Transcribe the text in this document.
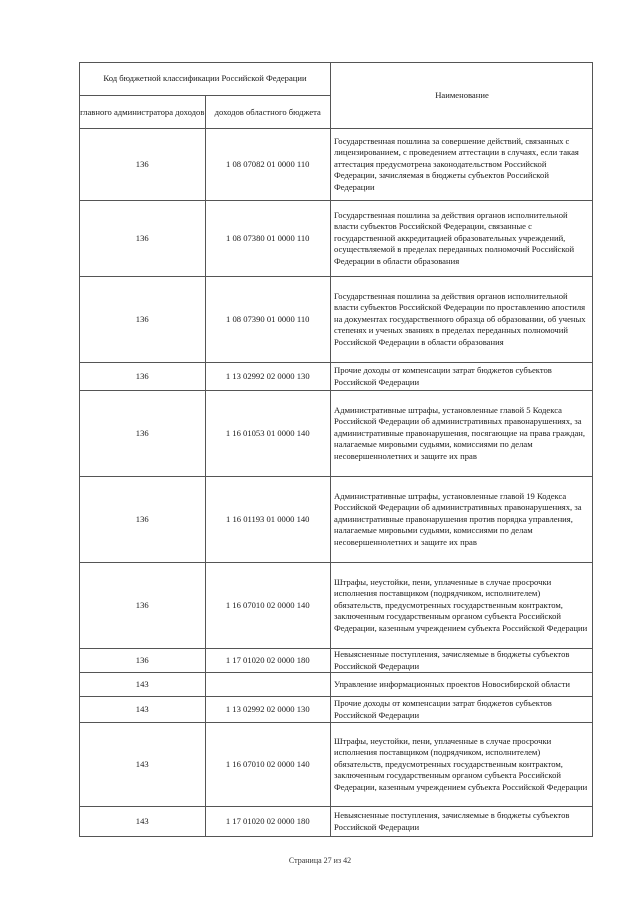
Код бюджетной классификации Российской Федерации		Наименование
главного администратора доходов	доходов областного бюджета	
136	1 08 07082 01 0000 110	Государственная пошлина за совершение действий, связанных с лицензированием, с проведением аттестации в случаях, если такая аттестация предусмотрена законодательством Российской Федерации, зачисляемая в бюджеты субъектов Российской Федерации
136	1 08 07380 01 0000 110	Государственная пошлина за действия органов исполнительной власти субъектов Российской Федерации, связанные с государственной аккредитацией образовательных учреждений, осуществляемой в пределах переданных полномочий Российской Федерации в области образования
136	1 08 07390 01 0000 110	Государственная пошлина за действия органов исполнительной власти субъектов Российской Федерации по проставлению апостиля на документах государственного образца об образовании, об ученых степенях и ученых званиях в пределах переданных полномочий Российской Федерации в области образования
136	1 13 02992 02 0000 130	Прочие доходы от компенсации затрат бюджетов субъектов Российской Федерации
136	1 16 01053 01 0000 140	Административные штрафы, установленные главой 5 Кодекса Российской Федерации об административных правонарушениях, за административные правонарушения, посягающие на права граждан, налагаемые мировыми судьями, комиссиями по делам несовершеннолетних и защите их прав
136	1 16 01193 01 0000 140	Административные штрафы, установленные главой 19 Кодекса Российской Федерации об административных правонарушениях, за административные правонарушения против порядка управления, налагаемые мировыми судьями, комиссиями по делам несовершеннолетних и защите их прав
136	1 16 07010 02 0000 140	Штрафы, неустойки, пени, уплаченные в случае просрочки исполнения поставщиком (подрядчиком, исполнителем) обязательств, предусмотренных государственным контрактом, заключенным государственным органом субъекта Российской Федерации, казенным учреждением субъекта Российской Федерации
136	1 17 01020 02 0000 180	Невыясненные поступления, зачисляемые в бюджеты субъектов Российской Федерации
143		Управление информационных проектов Новосибирской области
143	1 13 02992 02 0000 130	Прочие доходы от компенсации затрат бюджетов субъектов Российской Федерации
143	1 16 07010 02 0000 140	Штрафы, неустойки, пени, уплаченные в случае просрочки исполнения поставщиком (подрядчиком, исполнителем) обязательств, предусмотренных государственным контрактом, заключенным государственным органом субъекта Российской Федерации, казенным учреждением субъекта Российской Федерации
143	1 17 01020 02 0000 180	Невыясненные поступления, зачисляемые в бюджеты субъектов Российской Федерации
Страница 27 из 42
